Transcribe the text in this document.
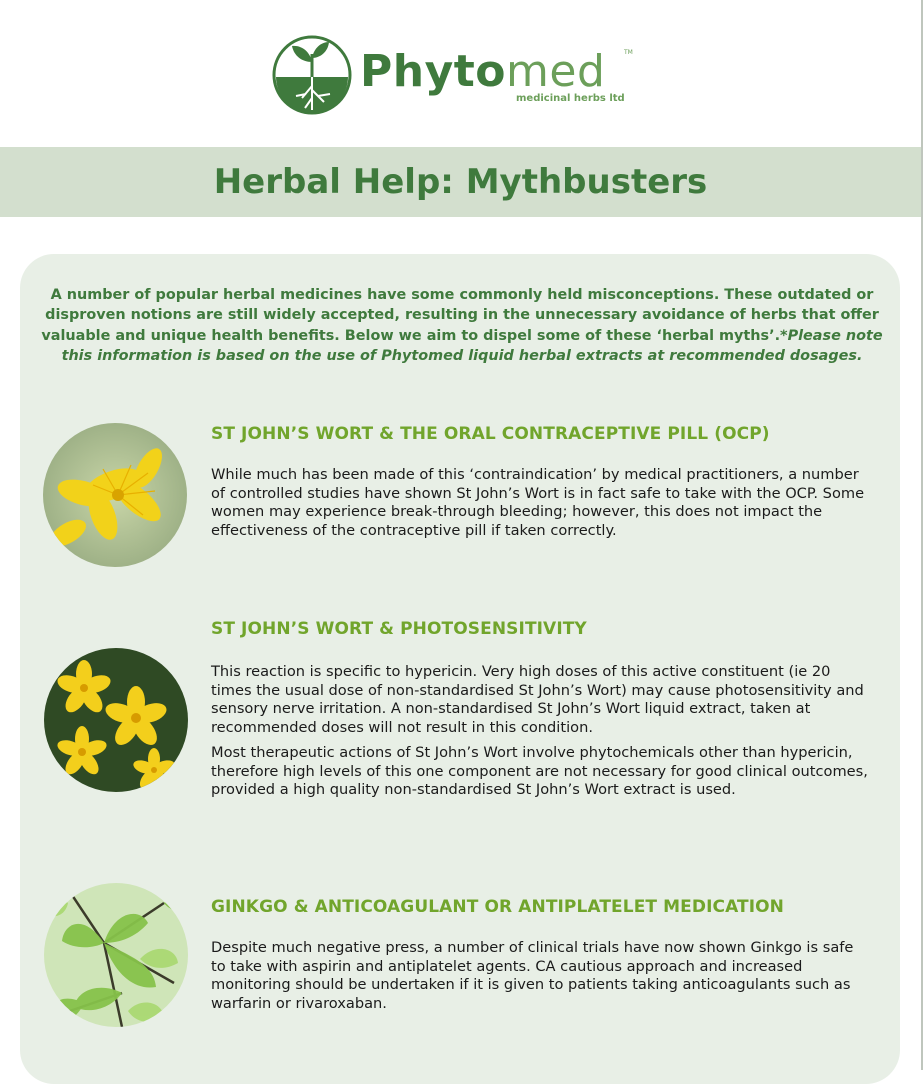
Phytomed	TM
medicinal herbs ltd
Herbal Help: Mythbusters

A number of popular herbal medicines have some commonly held misconceptions. These outdated or disproven notions are still widely accepted, resulting in the unnecessary avoidance of herbs that offer valuable and unique health benefits. Below we aim to dispel some of these ‘herbal myths’.*Please note this information is based on the use of Phytomed liquid herbal extracts at recommended dosages.

ST JOHN’S WORT & THE ORAL CONTRACEPTIVE PILL (OCP)

While much has been made of this ‘contraindication’ by medical practitioners, a number of controlled studies have shown St John’s Wort is in fact safe to take with the OCP. Some women may experience break-through bleeding; however, this does not impact the effectiveness of the contraceptive pill if taken correctly.

ST JOHN’S WORT & PHOTOSENSITIVITY

This reaction is specific to hypericin. Very high doses of this active constituent (ie 20 times the usual dose of non-standardised St John’s Wort) may cause photosensitivity and sensory nerve irritation. A non-standardised St John’s Wort liquid extract, taken at recommended doses will not result in this condition.

Most therapeutic actions of St John’s Wort involve phytochemicals other than hypericin, therefore high levels of this one component are not necessary for good clinical outcomes, provided a high quality non-standardised St John’s Wort extract is used.

GINKGO & ANTICOAGULANT OR ANTIPLATELET MEDICATION

Despite much negative press, a number of clinical trials have now shown Ginkgo is safe to take with aspirin and antiplatelet agents. CA cautious approach and increased monitoring should be undertaken if it is given to patients taking anticoagulants such as warfarin or rivaroxaban.
